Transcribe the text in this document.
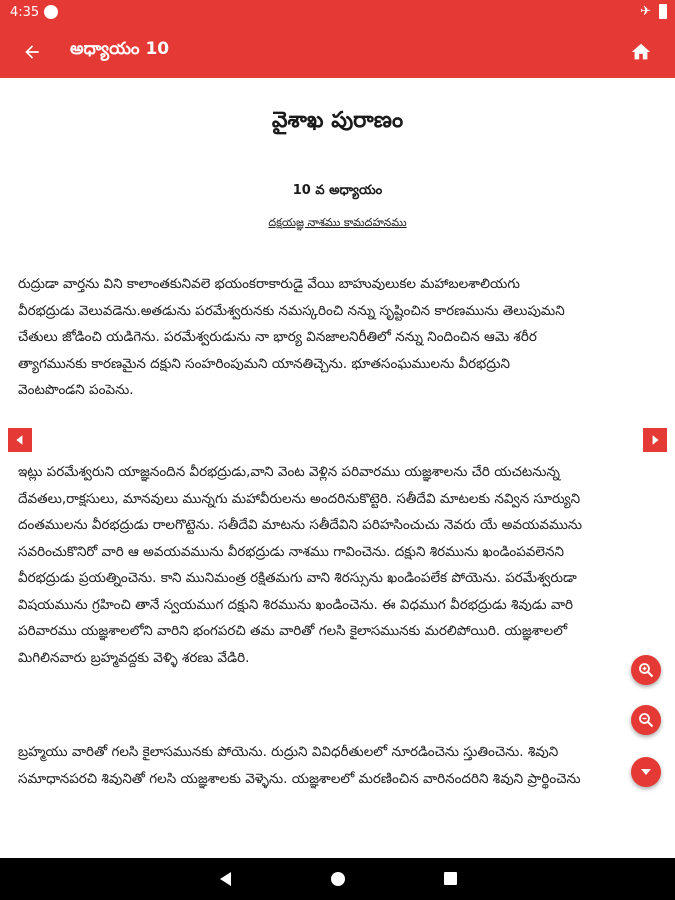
4:35	✈
అధ్యాయం 10
వైశాఖ పురాణం
10 వ అధ్యాయం
దక్షయజ్ఞ నాశము కామదహనము
రుద్రుడా వార్తను విని కాలాంతకునివలె భయంకరాకారుడై వేయి బాహువులుకల మహాబలశాలియగు
వీరభద్రుడు వెలువడెను.అతడును పరమేశ్వరునకు నమస్కరించి నన్ను సృష్టించిన కారణమును తెలుపుమని
చేతులు జోడించి యడిగెను. పరమేశ్వరుడును నా భార్య వినజాలనిరీతిలో నన్ను నిందించిన ఆమె శరీర
త్యాగమునకు కారణమైన దక్షుని సంహరింపుమని యానతిచ్చెను. భూతసంఘములను వీరభద్రుని
వెంటపొండని పంపెను.
ఇట్లు పరమేశ్వరుని యాజ్ఞనందిన వీరభద్రుడు,వాని వెంట వెళ్లిన పరివారము యజ్ఞశాలను చేరి యచటనున్న
దేవతలు,రాక్షసులు, మానవులు మున్నగు మహావీరులను అందరినుకొట్టెరి. సతీదేవి మాటలకు నవ్విన సూర్యుని
దంతములను వీరభద్రుడు రాలగొట్టెను. సతీదేవి మాటను సతీదేవిని పరిహసించుచు నెవరు యే అవయవమును
సవరించుకొనిరో వారి ఆ అవయవమును వీరభద్రుడు నాశము గావించెను. దక్షుని శిరమును ఖండింపవలెనని
వీరభద్రుడు ప్రయత్నించెను. కాని మునిమంత్ర రక్షితమగు వాని శిరస్సును ఖండింపలేక పోయెను. పరమేశ్వరుడా
విషయమును గ్రహించి తానే స్వయముగ దక్షుని శిరమును ఖండించెను. ఈ విధముగ వీరభద్రుడు శివుడు వారి
పరివారము యజ్ఞశాలలోని వారిని భంగపరచి తమ వారితో గలసి కైలాసమునకు మరలిపోయిరి. యజ్ఞశాలలో
మిగిలినవారు బ్రహ్మవద్దకు వెళ్ళి శరణు వేడిరి.
బ్రహ్మయు వారితో గలసి కైలాసమునకు పోయెను. రుద్రుని వివిధరీతులలో నూరడించెను స్తుతించెను. శివుని
సమాధానపరచి శివునితో గలసి యజ్ఞశాలకు వెళ్ళెను. యజ్ఞశాలలో మరణించిన వారినందరిని శివుని ప్రార్థించెను
